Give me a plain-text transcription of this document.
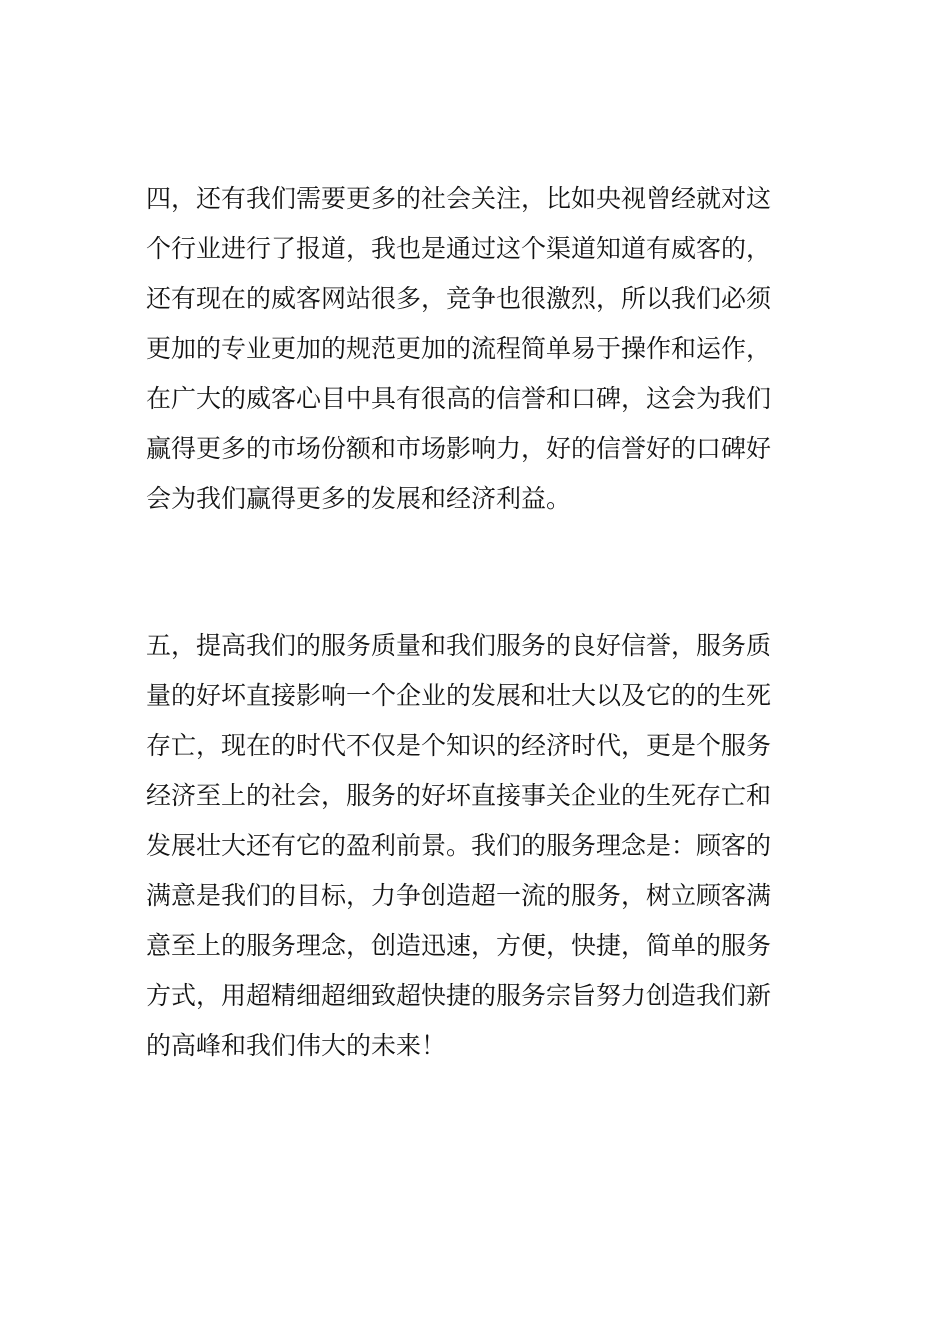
四，还有我们需要更多的社会关注，比如央视曾经就对这
个行业进行了报道，我也是通过这个渠道知道有威客的，
还有现在的威客网站很多，竞争也很激烈，所以我们必须
更加的专业更加的规范更加的流程简单易于操作和运作，
在广大的威客心目中具有很高的信誉和口碑，这会为我们
赢得更多的市场份额和市场影响力，好的信誉好的口碑好
会为我们赢得更多的发展和经济利益。
五，提高我们的服务质量和我们服务的良好信誉，服务质
量的好坏直接影响一个企业的发展和壮大以及它的的生死
存亡，现在的时代不仅是个知识的经济时代，更是个服务
经济至上的社会，服务的好坏直接事关企业的生死存亡和
发展壮大还有它的盈利前景。我们的服务理念是：顾客的
满意是我们的目标，力争创造超一流的服务，树立顾客满
意至上的服务理念，创造迅速，方便，快捷，简单的服务
方式，用超精细超细致超快捷的服务宗旨努力创造我们新
的高峰和我们伟大的未来！
